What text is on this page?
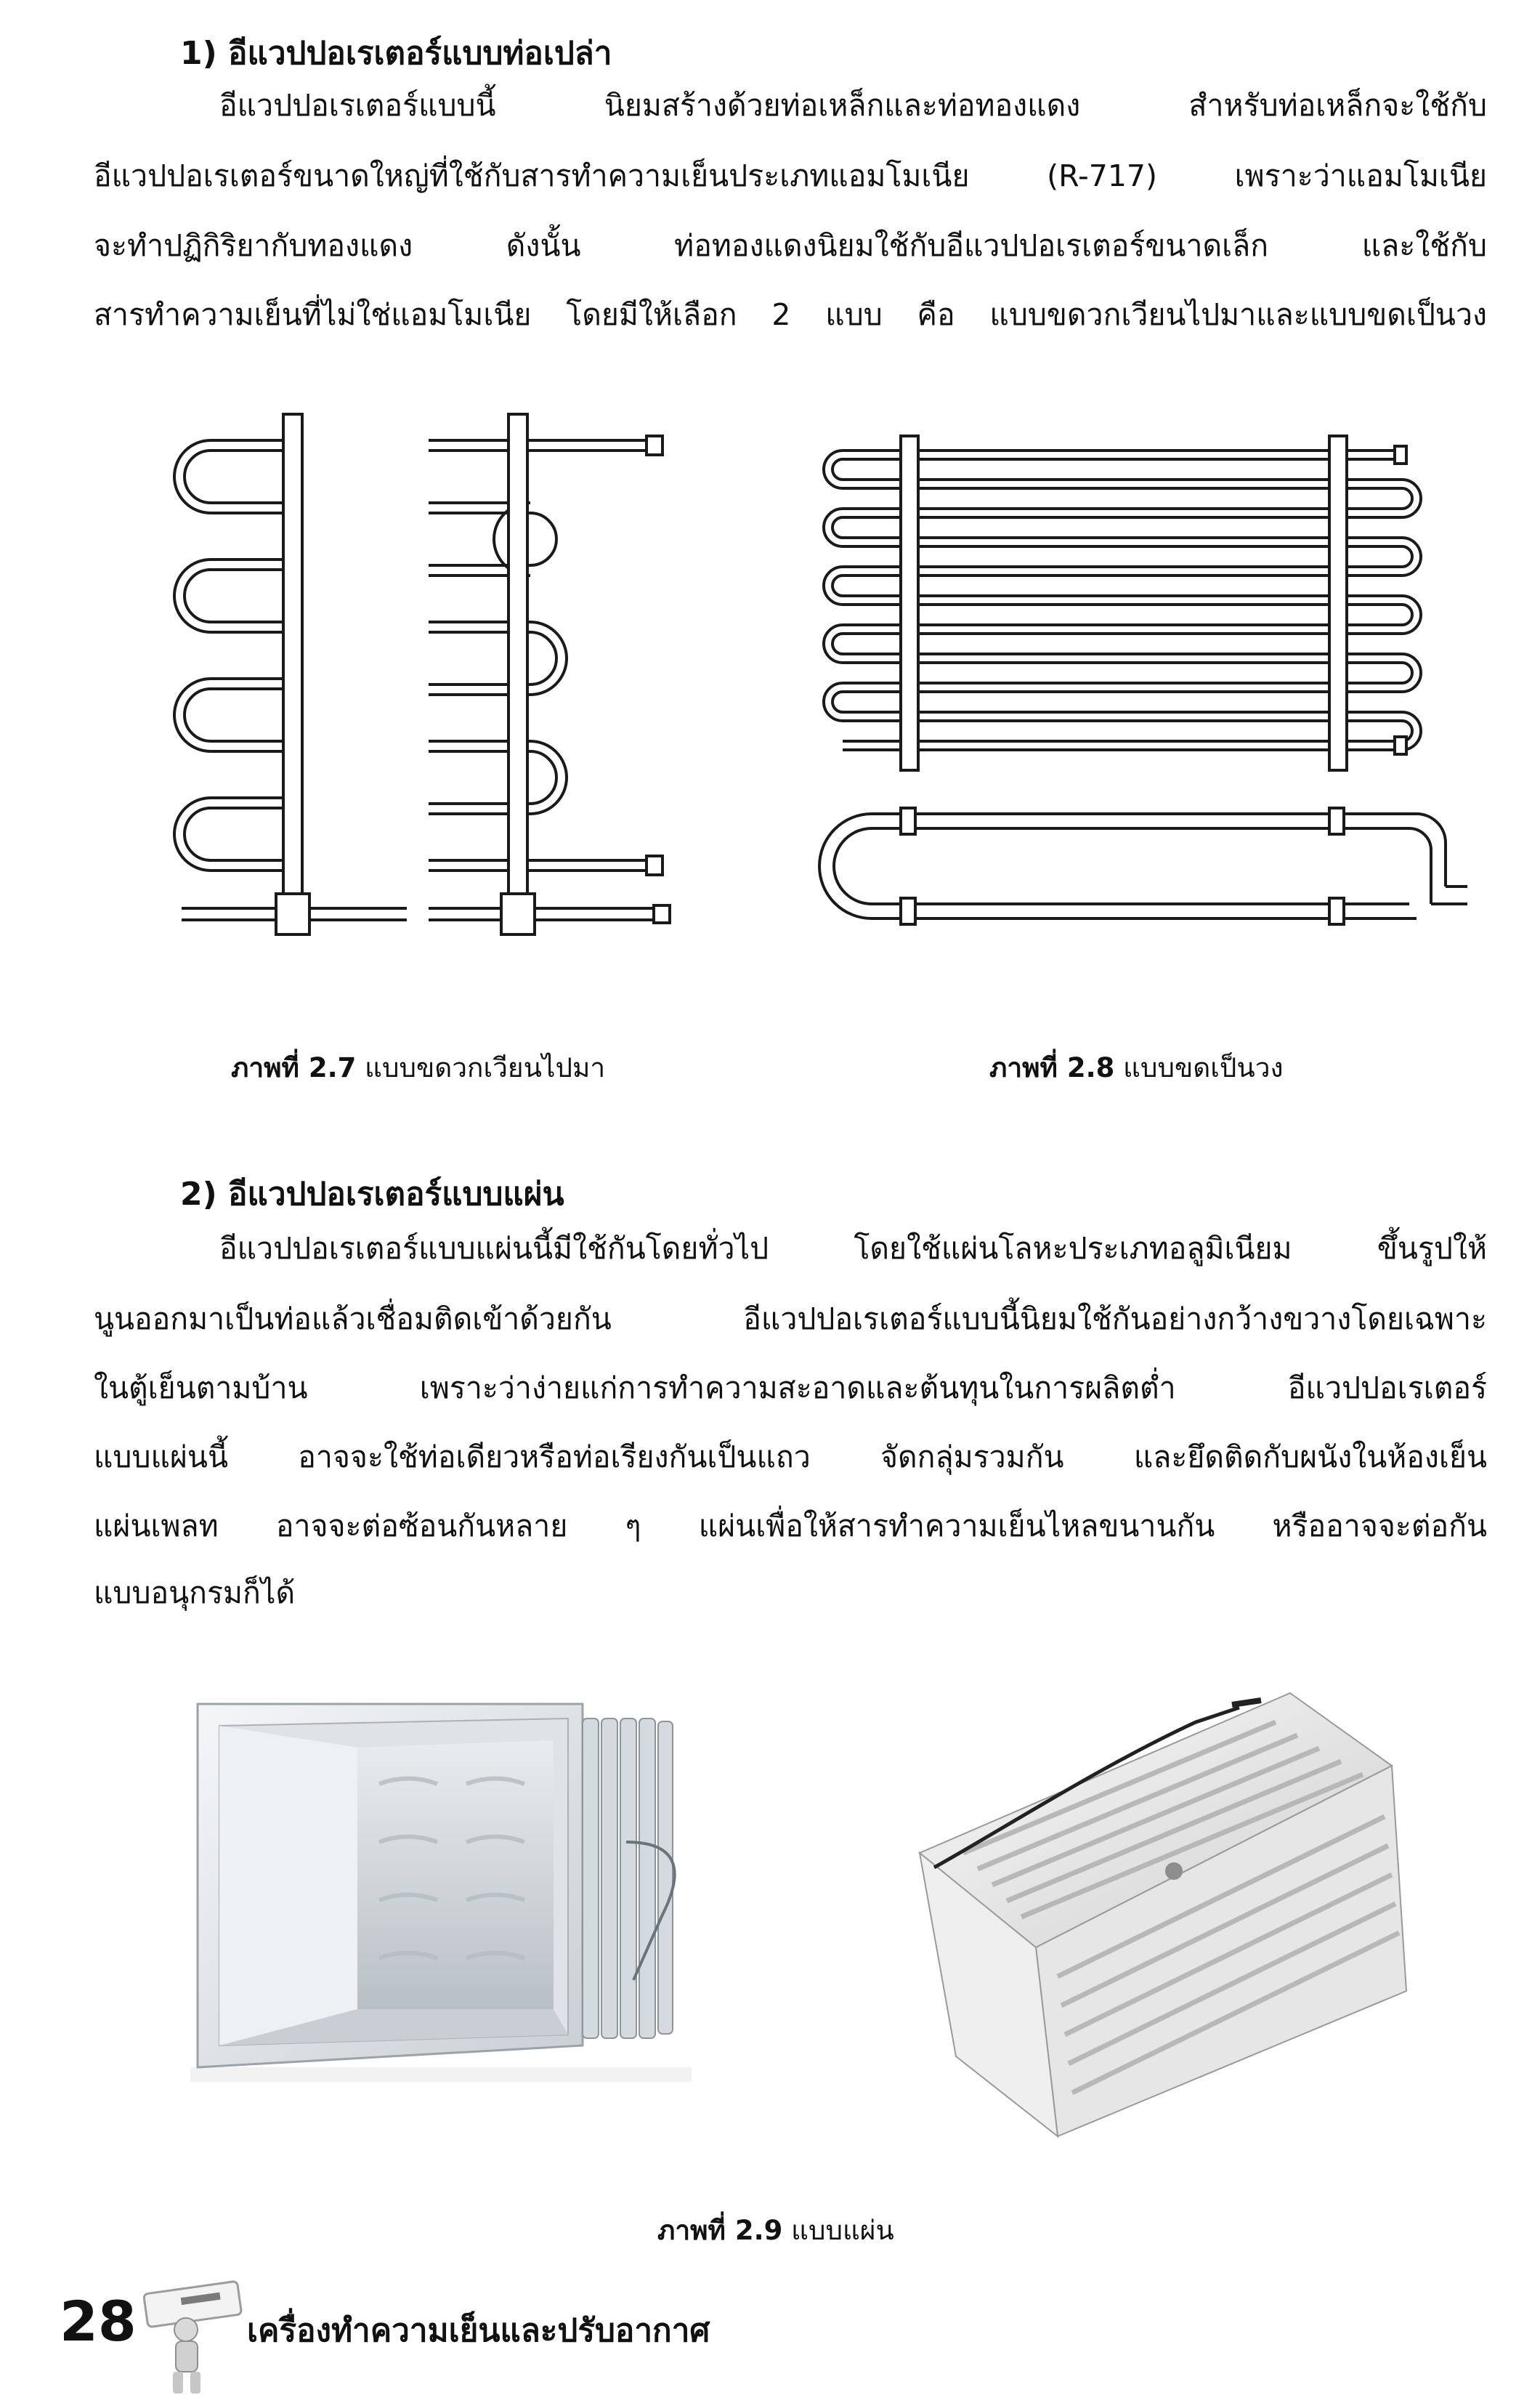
1) อีแวปปอเรเตอร์แบบท่อเปล่า
อีแวปปอเรเตอร์แบบนี้ นิยมสร้างด้วยท่อเหล็กและท่อทองแดง สำหรับท่อเหล็กจะใช้กับ
อีแวปปอเรเตอร์ขนาดใหญ่ที่ใช้กับสารทำความเย็นประเภทแอมโมเนีย (R-717) เพราะว่าแอมโมเนีย
จะทำปฏิกิริยากับทองแดง ดังนั้น ท่อทองแดงนิยมใช้กับอีแวปปอเรเตอร์ขนาดเล็ก และใช้กับ
สารทำความเย็นที่ไม่ใช่แอมโมเนีย โดยมีให้เลือก 2 แบบ คือ แบบขดวกเวียนไปมาและแบบขดเป็นวง
ภาพที่ 2.7 แบบขดวกเวียนไปมา	ภาพที่ 2.8 แบบขดเป็นวง
2) อีแวปปอเรเตอร์แบบแผ่น
อีแวปปอเรเตอร์แบบแผ่นนี้มีใช้กันโดยทั่วไป โดยใช้แผ่นโลหะประเภทอลูมิเนียม ขึ้นรูปให้
นูนออกมาเป็นท่อแล้วเชื่อมติดเข้าด้วยกัน อีแวปปอเรเตอร์แบบนี้นิยมใช้กันอย่างกว้างขวางโดยเฉพาะ
ในตู้เย็นตามบ้าน เพราะว่าง่ายแก่การทำความสะอาดและต้นทุนในการผลิตต่ำ อีแวปปอเรเตอร์
แบบแผ่นนี้ อาจจะใช้ท่อเดียวหรือท่อเรียงกันเป็นแถว จัดกลุ่มรวมกัน และยึดติดกับผนังในห้องเย็น
แผ่นเพลท อาจจะต่อซ้อนกันหลาย ๆ แผ่นเพื่อให้สารทำความเย็นไหลขนานกัน หรืออาจจะต่อกัน
แบบอนุกรมก็ได้
ภาพที่ 2.9 แบบแผ่น
28	เครื่องทำความเย็นและปรับอากาศ
